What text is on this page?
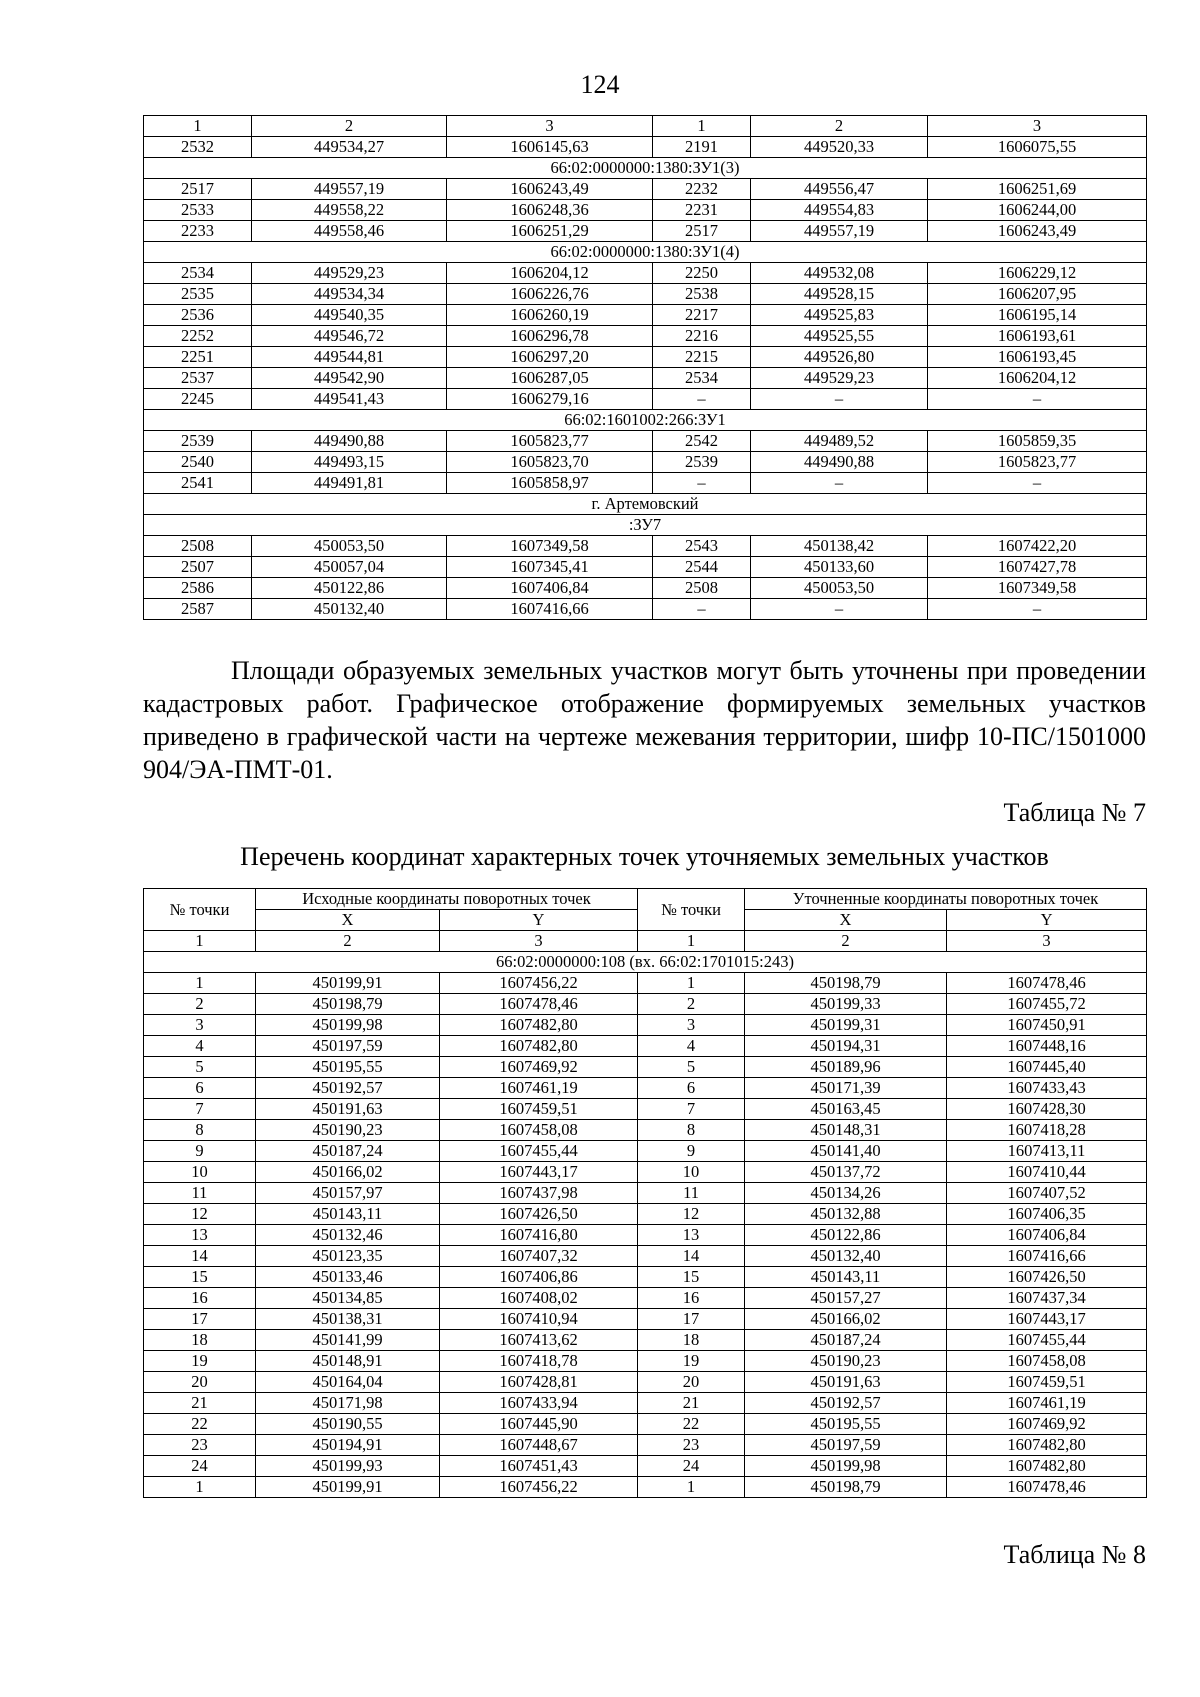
124
1	2	3	1	2	3
2532	449534,27	1606145,63	2191	449520,33	1606075,55
66:02:0000000:1380:ЗУ1(3)					
2517	449557,19	1606243,49	2232	449556,47	1606251,69
2533	449558,22	1606248,36	2231	449554,83	1606244,00
2233	449558,46	1606251,29	2517	449557,19	1606243,49
66:02:0000000:1380:ЗУ1(4)					
2534	449529,23	1606204,12	2250	449532,08	1606229,12
2535	449534,34	1606226,76	2538	449528,15	1606207,95
2536	449540,35	1606260,19	2217	449525,83	1606195,14
2252	449546,72	1606296,78	2216	449525,55	1606193,61
2251	449544,81	1606297,20	2215	449526,80	1606193,45
2537	449542,90	1606287,05	2534	449529,23	1606204,12
2245	449541,43	1606279,16	–	–	–
66:02:1601002:266:ЗУ1					
2539	449490,88	1605823,77	2542	449489,52	1605859,35
2540	449493,15	1605823,70	2539	449490,88	1605823,77
2541	449491,81	1605858,97	–	–	–
г. Артемовский					
:ЗУ7					
2508	450053,50	1607349,58	2543	450138,42	1607422,20
2507	450057,04	1607345,41	2544	450133,60	1607427,78
2586	450122,86	1607406,84	2508	450053,50	1607349,58
2587	450132,40	1607416,66	–	–	–

Площади образуемых земельных участков могут быть уточнены при проведении кадастровых работ. Графическое отображение формируемых земельных участков приведено в графической части на чертеже межевания территории, шифр 10-ПС/1501000 904/ЭА-ПМТ-01.

Таблица № 7

Перечень координат характерных точек уточняемых земельных участков

№ точки	Исходные координаты поворотных точек		№ точки	Уточненные координаты поворотных точек	
	X	Y		X	Y
1	2	3	1	2	3
66:02:0000000:108 (вх. 66:02:1701015:243)					
1	450199,91	1607456,22	1	450198,79	1607478,46
2	450198,79	1607478,46	2	450199,33	1607455,72
3	450199,98	1607482,80	3	450199,31	1607450,91
4	450197,59	1607482,80	4	450194,31	1607448,16
5	450195,55	1607469,92	5	450189,96	1607445,40
6	450192,57	1607461,19	6	450171,39	1607433,43
7	450191,63	1607459,51	7	450163,45	1607428,30
8	450190,23	1607458,08	8	450148,31	1607418,28
9	450187,24	1607455,44	9	450141,40	1607413,11
10	450166,02	1607443,17	10	450137,72	1607410,44
11	450157,97	1607437,98	11	450134,26	1607407,52
12	450143,11	1607426,50	12	450132,88	1607406,35
13	450132,46	1607416,80	13	450122,86	1607406,84
14	450123,35	1607407,32	14	450132,40	1607416,66
15	450133,46	1607406,86	15	450143,11	1607426,50
16	450134,85	1607408,02	16	450157,27	1607437,34
17	450138,31	1607410,94	17	450166,02	1607443,17
18	450141,99	1607413,62	18	450187,24	1607455,44
19	450148,91	1607418,78	19	450190,23	1607458,08
20	450164,04	1607428,81	20	450191,63	1607459,51
21	450171,98	1607433,94	21	450192,57	1607461,19
22	450190,55	1607445,90	22	450195,55	1607469,92
23	450194,91	1607448,67	23	450197,59	1607482,80
24	450199,93	1607451,43	24	450199,98	1607482,80
1	450199,91	1607456,22	1	450198,79	1607478,46

Таблица № 8
